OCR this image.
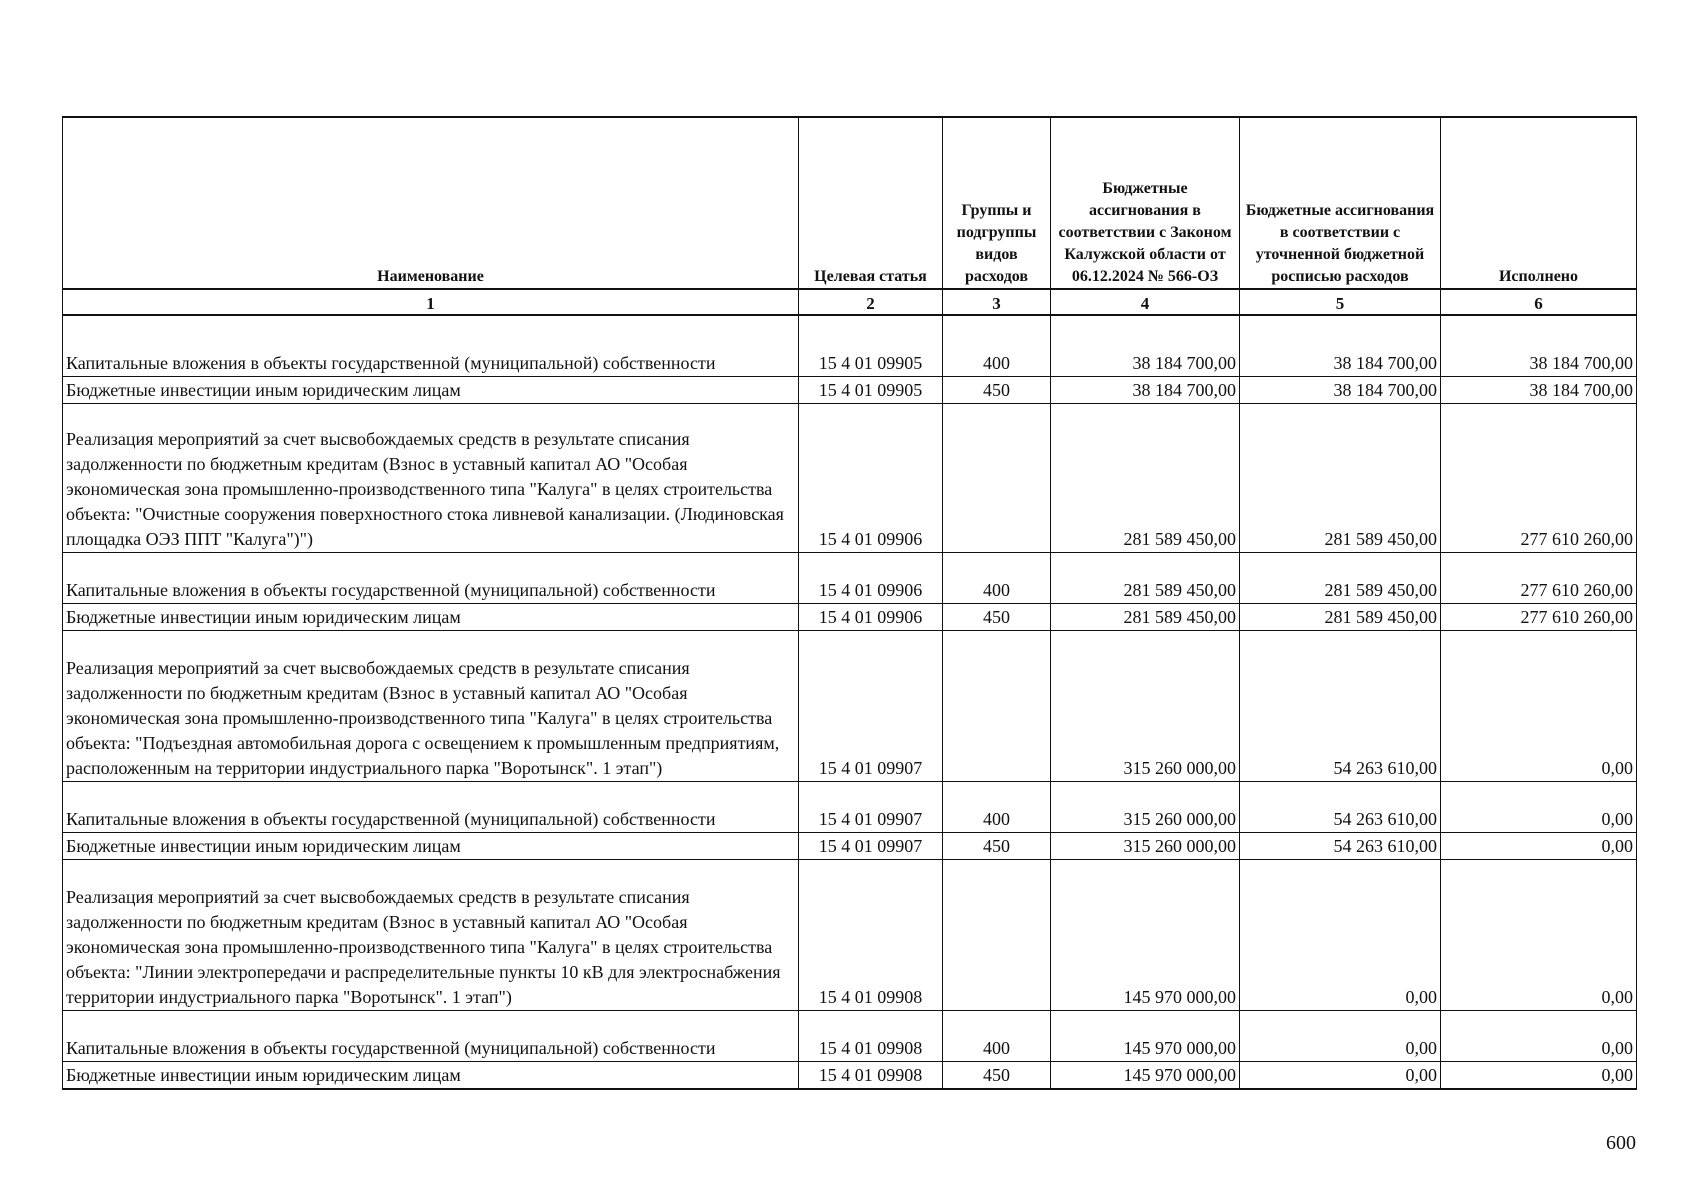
Наименование	Целевая статья	Группы и подгруппы видов расходов	Бюджетные ассигнования в соответствии с Законом Калужской области от 06.12.2024 № 566-ОЗ	Бюджетные ассигнования в соответствии с уточненной бюджетной росписью расходов	Исполнено
1	2	3	4	5	6

Капитальные вложения в объекты государственной (муниципальной) собственности	15 4 01 09905	400	38 184 700,00	38 184 700,00	38 184 700,00
Бюджетные инвестиции иным юридическим лицам	15 4 01 09905	450	38 184 700,00	38 184 700,00	38 184 700,00
Реализация мероприятий за счет высвобождаемых средств в результате списания задолженности по бюджетным кредитам (Взнос в уставный капитал АО "Особая экономическая зона промышленно-производственного типа "Калуга" в целях строительства объекта: "Очистные сооружения поверхностного стока ливневой канализации. (Людиновская площадка ОЭЗ ППТ "Калуга")")	15 4 01 09906		281 589 450,00	281 589 450,00	277 610 260,00
Капитальные вложения в объекты государственной (муниципальной) собственности	15 4 01 09906	400	281 589 450,00	281 589 450,00	277 610 260,00
Бюджетные инвестиции иным юридическим лицам	15 4 01 09906	450	281 589 450,00	281 589 450,00	277 610 260,00
Реализация мероприятий за счет высвобождаемых средств в результате списания задолженности по бюджетным кредитам (Взнос в уставный капитал АО "Особая экономическая зона промышленно-производственного типа "Калуга" в целях строительства объекта: "Подъездная автомобильная дорога с освещением к промышленным предприятиям, расположенным на территории индустриального парка "Воротынск". 1 этап")	15 4 01 09907		315 260 000,00	54 263 610,00	0,00
Капитальные вложения в объекты государственной (муниципальной) собственности	15 4 01 09907	400	315 260 000,00	54 263 610,00	0,00
Бюджетные инвестиции иным юридическим лицам	15 4 01 09907	450	315 260 000,00	54 263 610,00	0,00
Реализация мероприятий за счет высвобождаемых средств в результате списания задолженности по бюджетным кредитам (Взнос в уставный капитал АО "Особая экономическая зона промышленно-производственного типа "Калуга" в целях строительства объекта: "Линии электропередачи и распределительные пункты 10 кВ для электроснабжения территории индустриального парка "Воротынск". 1 этап")	15 4 01 09908		145 970 000,00	0,00	0,00
Капитальные вложения в объекты государственной (муниципальной) собственности	15 4 01 09908	400	145 970 000,00	0,00	0,00
Бюджетные инвестиции иным юридическим лицам	15 4 01 09908	450	145 970 000,00	0,00	0,00
600
